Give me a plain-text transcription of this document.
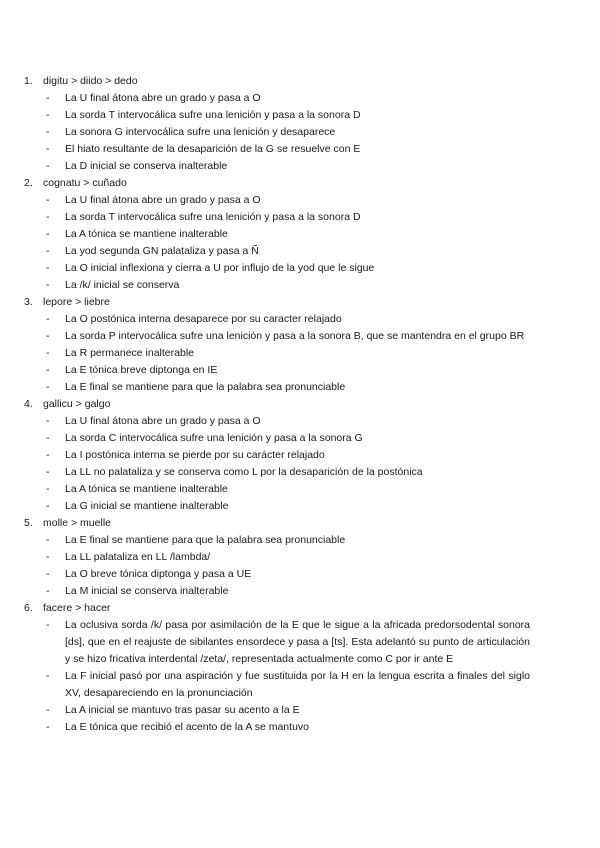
1. digitu > diido > dedo
-	La U final átona abre un grado y pasa a O
-	La sorda T intervocálica sufre una lenición y pasa a la sonora D
-	La sonora G intervocálica sufre una lenición y desaparece
-	El hiato resultante de la desaparición de la G se resuelve con E
-	La D inicial se conserva inalterable
2. cognatu > cuñado
-	La U final átona abre un grado y pasa a O
-	La sorda T intervocálica sufre una lenición y pasa a la sonora D
-	La A tónica se mantiene inalterable
-	La yod segunda GN palataliza y pasa a Ñ
-	La O inicial inflexiona y cierra a U por influjo de la yod que le sigue
-	La /k/ inicial se conserva
3. lepore > liebre
-	La O postónica interna desaparece por su caracter relajado
-	La sorda P intervocálica sufre una lenición y pasa a la sonora B, que se mantendra en el grupo BR
-	La R permanece inalterable
-	La E tónica breve diptonga en IE
-	La E final se mantiene para que la palabra sea pronunciable
4. gallicu > galgo
-	La U final átona abre un grado y pasa a O
-	La sorda C intervocálica sufre una lenición y pasa a la sonora G
-	La I postónica interna se pierde por su carácter relajado
-	La LL no palataliza y se conserva como L por la desaparición de la postónica
-	La A tónica se mantiene inalterable
-	La G inicial se mantiene inalterable
5. molle > muelle
-	La E final se mantiene para que la palabra sea pronunciable
-	La LL palataliza en LL /lambda/
-	La O breve tónica diptonga y pasa a UE
-	La M inicial se conserva inalterable
6. facere > hacer
-	La oclusiva sorda /k/ pasa por asimilación de la E que le sigue a la africada predorsodental sonora [ds], que en el reajuste de sibilantes ensordece y pasa a [ts]. Esta adelantó su punto de articulación y se hizo fricativa interdental /zeta/, representada actualmente como C por ir ante E
-	La F inicial pasó por una aspiración y fue sustituida por la H en la lengua escrita a finales del siglo XV, desapareciendo en la pronunciación
-	La A inicial se mantuvo tras pasar su acento a la E
-	La E tónica que recibió el acento de la A se mantuvo
